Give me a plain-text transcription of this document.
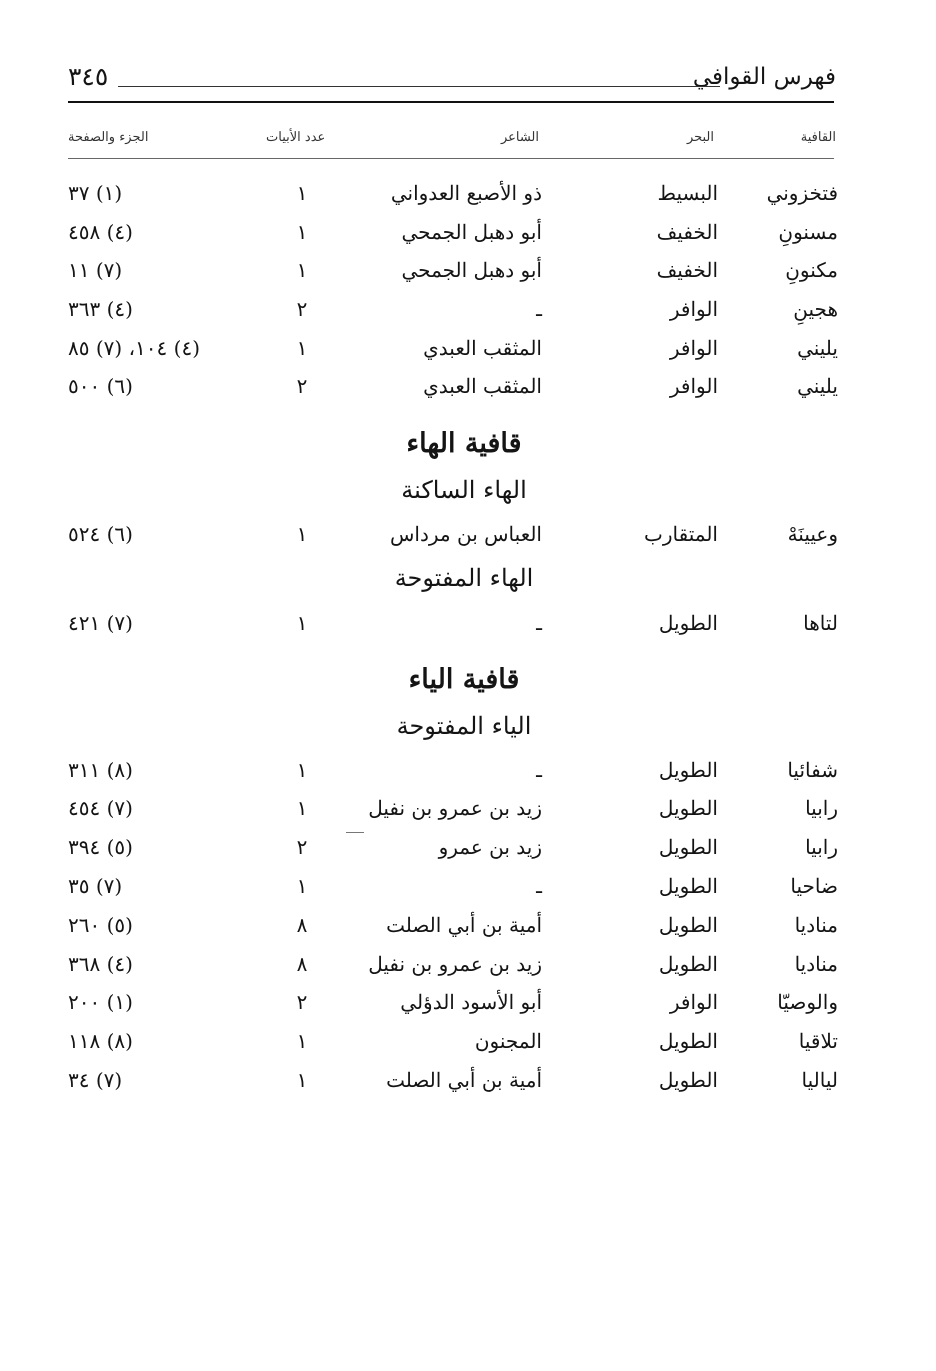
فهرس القوافي
٣٤٥
القافية
البحر
الشاعر
عدد الأبيات
الجزء والصفحة
فتخزوني
البسيط
ذو الأصبع العدواني
١
(١) ٣٧
مسنونِ
الخفيف
أبو دهبل الجمحي
١
(٤) ٤٥٨
مكنونِ
الخفيف
أبو دهبل الجمحي
١
(٧) ١١
هجينِ
الوافر
ـ
٢
(٤) ٣٦٣
يليني
الوافر
المثقب العبدي
١
(٤) ١٠٤، (٧) ٨٥
يليني
الوافر
المثقب العبدي
٢
(٦) ٥٠٠
قافية الهاء
الهاء الساكنة
وعيينَهْ
المتقارب
العباس بن مرداس
١
(٦) ٥٢٤
الهاء المفتوحة
لتاها
الطويل
ـ
١
(٧) ٤٢١
قافية الياء
الياء المفتوحة
شفائيا
الطويل
ـ
١
(٨) ٣١١
رابيا
الطويل
زيد بن عمرو بن نفيل
١
(٧) ٤٥٤
رابيا
الطويل
زيد بن عمرو
٢
(٥) ٣٩٤
ضاحيا
الطويل
ـ
١
(٧) ٣٥
مناديا
الطويل
أمية بن أبي الصلت
٨
(٥) ٢٦٠
مناديا
الطويل
زيد بن عمرو بن نفيل
٨
(٤) ٣٦٨
والوصيّا
الوافر
أبو الأسود الدؤلي
٢
(١) ٢٠٠
تلاقيا
الطويل
المجنون
١
(٨) ١١٨
لياليا
الطويل
أمية بن أبي الصلت
١
(٧) ٣٤
